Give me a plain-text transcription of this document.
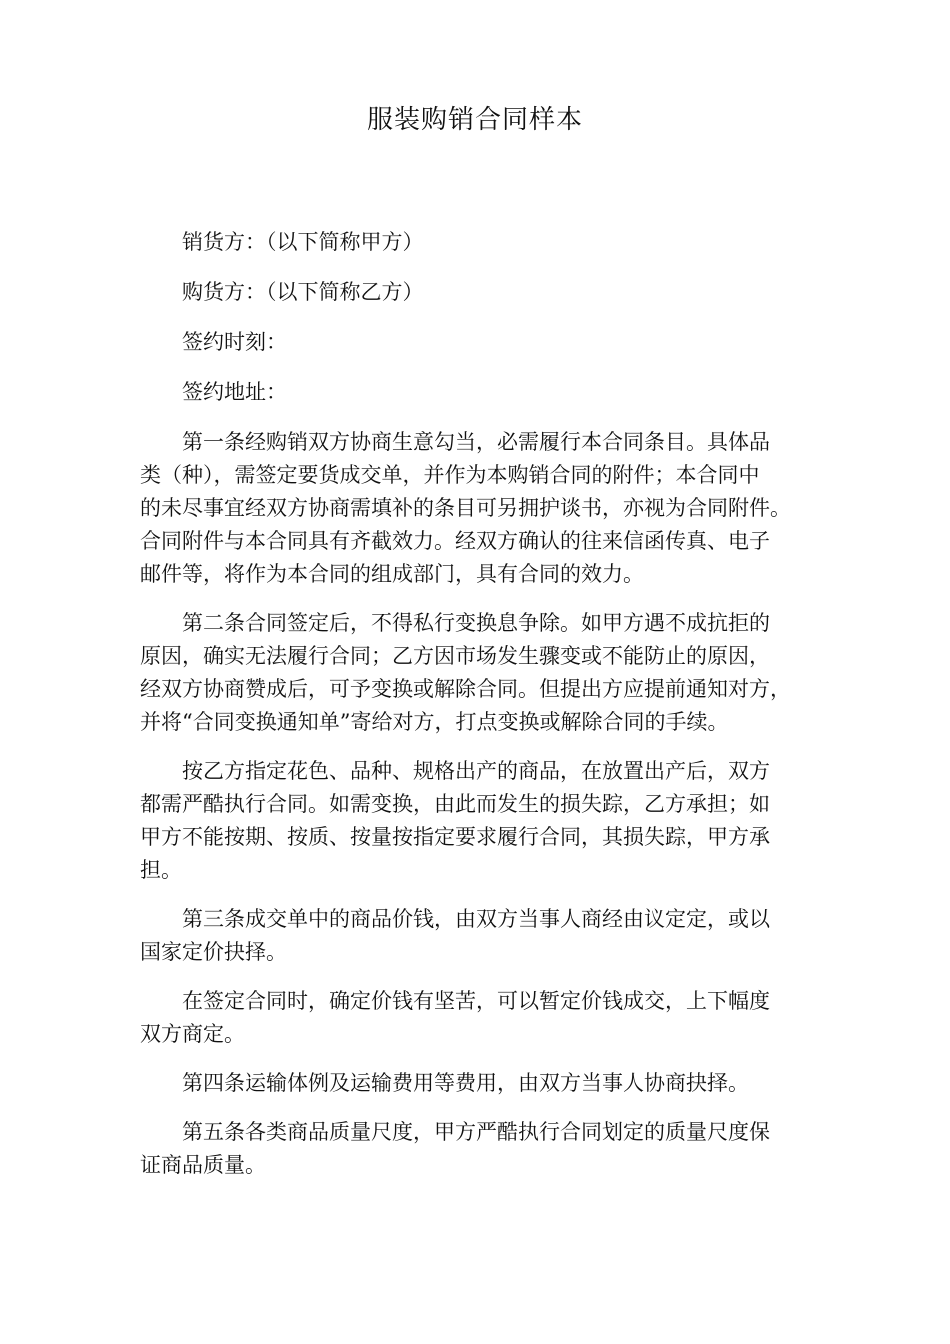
服装购销合同样本

销货方：（以下简称甲方）

购货方：（以下简称乙方）

签约时刻：

签约地址：

第一条经购销双方协商生意勾当，必需履行本合同条目。具体品
类（种），需签定要货成交单，并作为本购销合同的附件；本合同中
的未尽事宜经双方协商需填补的条目可另拥护谈书，亦视为合同附件。
合同附件与本合同具有齐截效力。经双方确认的往来信函传真、电子
邮件等，将作为本合同的组成部门，具有合同的效力。
第二条合同签定后，不得私行变换息争除。如甲方遇不成抗拒的
原因，确实无法履行合同；乙方因市场发生骤变或不能防止的原因，
经双方协商赞成后，可予变换或解除合同。但提出方应提前通知对方，
并将“合同变换通知单”寄给对方，打点变换或解除合同的手续。
按乙方指定花色、品种、规格出产的商品，在放置出产后，双方
都需严酷执行合同。如需变换，由此而发生的损失踪，乙方承担；如
甲方不能按期、按质、按量按指定要求履行合同，其损失踪，甲方承
担。
第三条成交单中的商品价钱，由双方当事人商经由议定定，或以
国家定价抉择。
在签定合同时，确定价钱有坚苦，可以暂定价钱成交，上下幅度
双方商定。
第四条运输体例及运输费用等费用，由双方当事人协商抉择。
第五条各类商品质量尺度，甲方严酷执行合同划定的质量尺度保
证商品质量。
